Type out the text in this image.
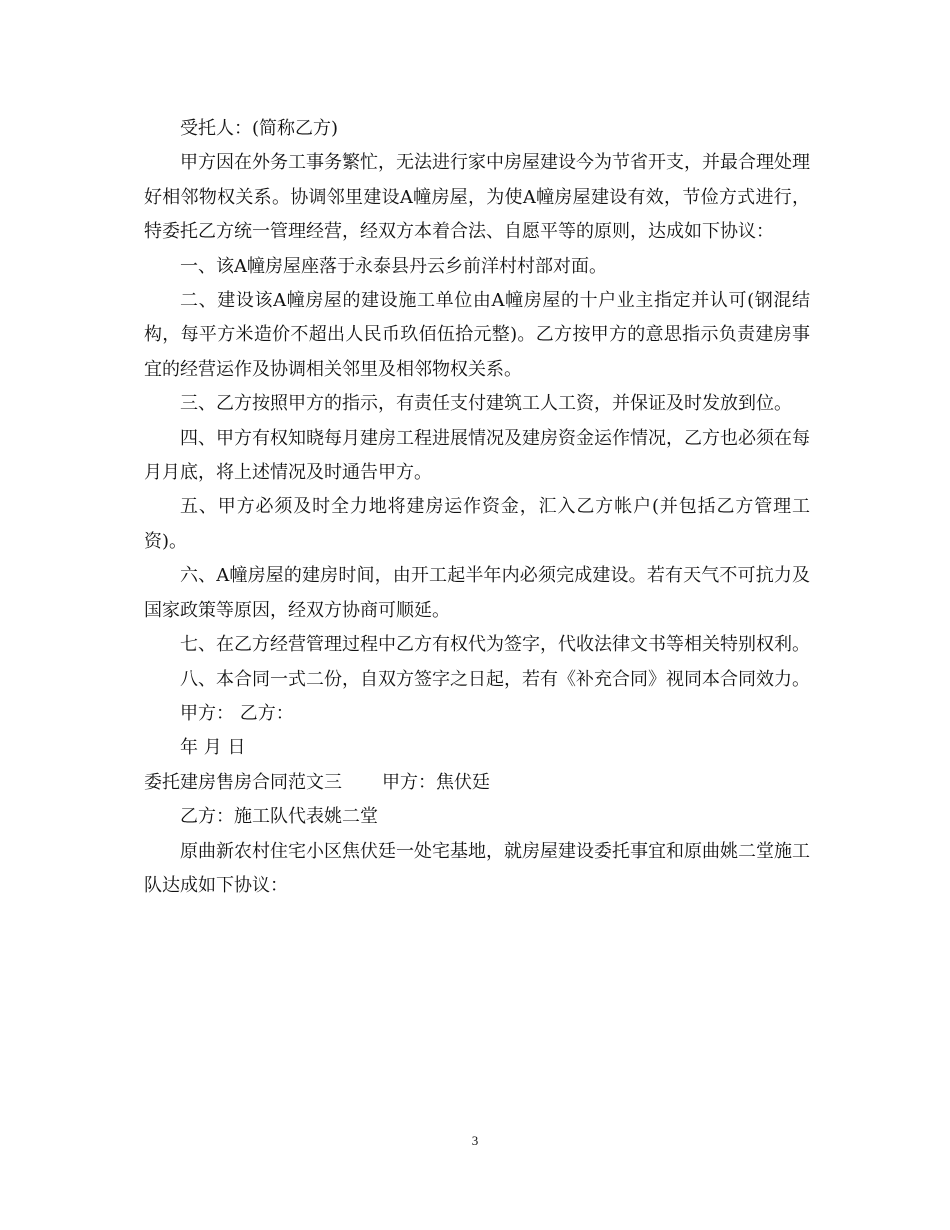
受托人：(简称乙方)

甲方因在外务工事务繁忙，无法进行家中房屋建设今为节省开支，并最合理处理好相邻物权关系。协调邻里建设A幢房屋，为使A幢房屋建设有效，节俭方式进行，特委托乙方统一管理经营，经双方本着合法、自愿平等的原则，达成如下协议：

一、该A幢房屋座落于永泰县丹云乡前洋村村部对面。

二、建设该A幢房屋的建设施工单位由A幢房屋的十户业主指定并认可(钢混结构，每平方米造价不超出人民币玖佰伍拾元整)。乙方按甲方的意思指示负责建房事宜的经营运作及协调相关邻里及相邻物权关系。

三、乙方按照甲方的指示，有责任支付建筑工人工资，并保证及时发放到位。

四、甲方有权知晓每月建房工程进展情况及建房资金运作情况，乙方也必须在每月月底，将上述情况及时通告甲方。

五、甲方必须及时全力地将建房运作资金，汇入乙方帐户(并包括乙方管理工资)。

六、A幢房屋的建房时间，由开工起半年内必须完成建设。若有天气不可抗力及国家政策等原因，经双方协商可顺延。

七、在乙方经营管理过程中乙方有权代为签字，代收法律文书等相关特别权利。

八、本合同一式二份，自双方签字之日起，若有《补充合同》视同本合同效力。

甲方： 乙方：

年 月 日

委托建房售房合同范文三 甲方：焦伏廷

乙方：施工队代表姚二堂

原曲新农村住宅小区焦伏廷一处宅基地，就房屋建设委托事宜和原曲姚二堂施工队达成如下协议：

3
